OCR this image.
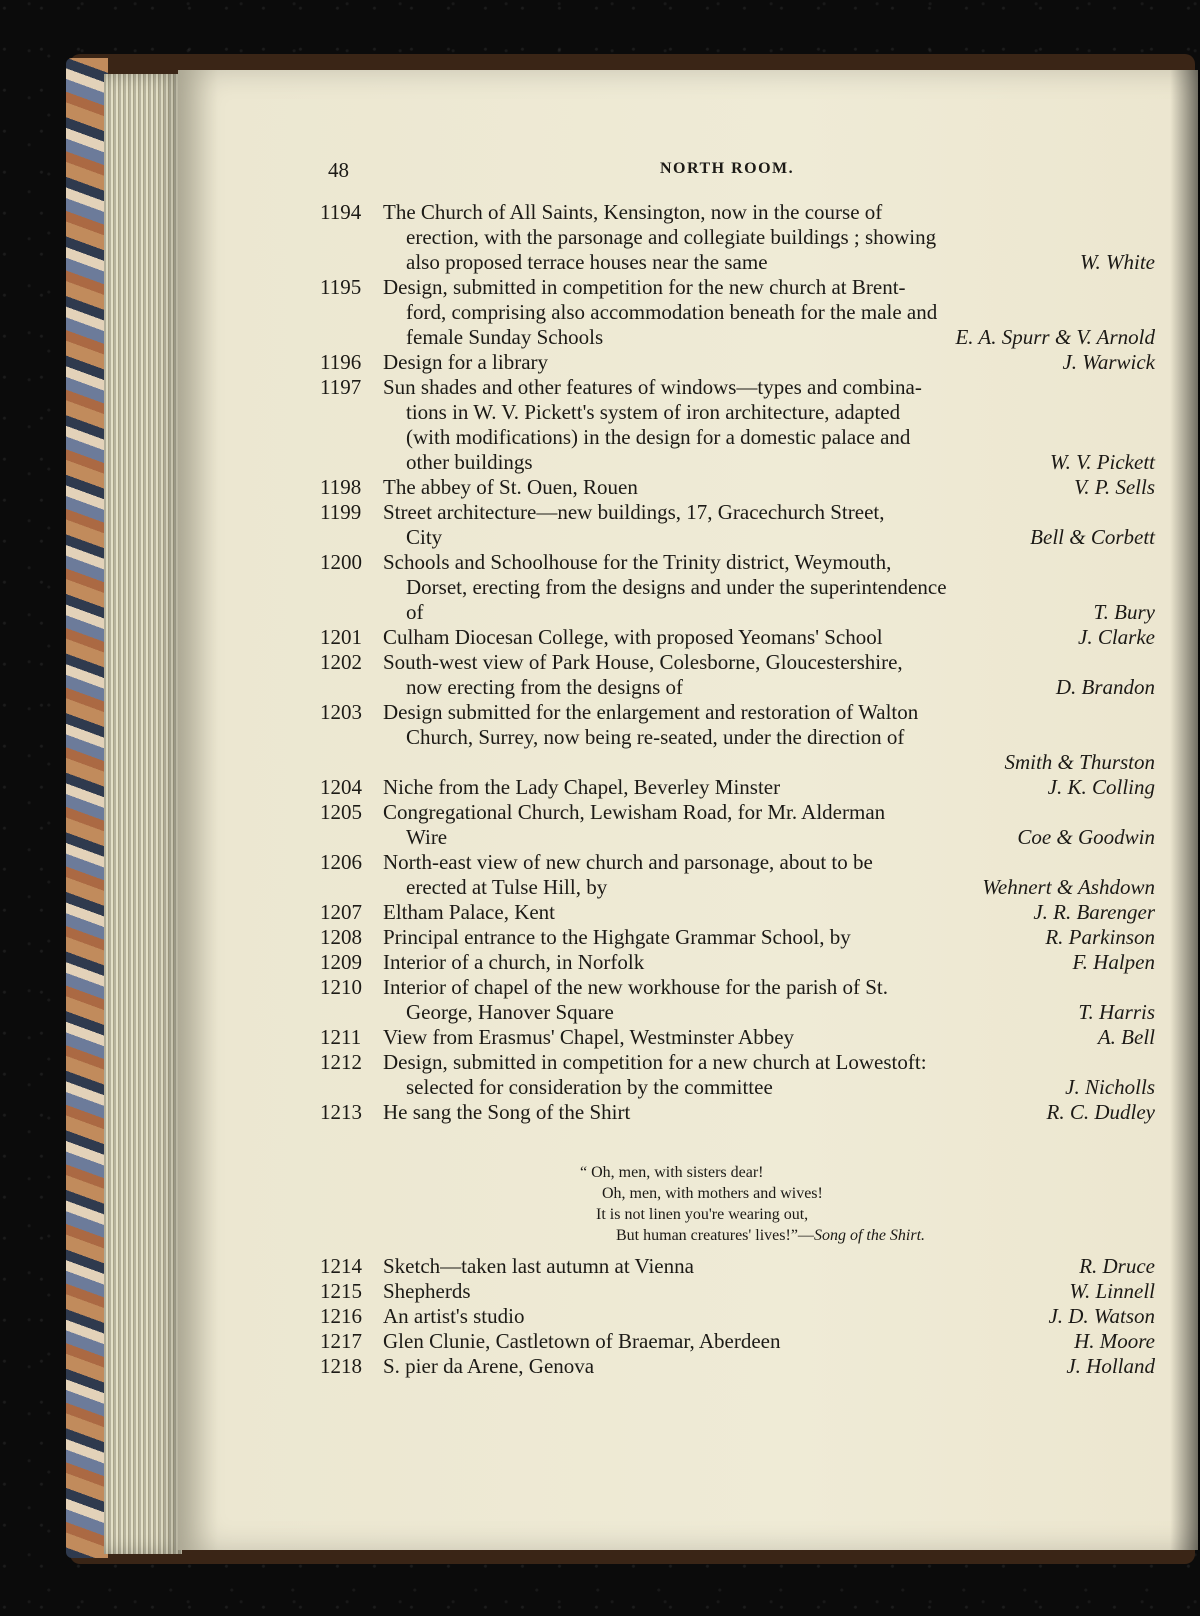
48	NORTH ROOM.
1194	The Church of All Saints, Kensington, now in the course of
erection, with the parsonage and collegiate buildings ; showing
also proposed terrace houses near the same	W. White
1195	Design, submitted in competition for the new church at Brent-
ford, comprising also accommodation beneath for the male and
female Sunday Schools	E. A. Spurr & V. Arnold
1196	Design for a library	J. Warwick
1197	Sun shades and other features of windows—types and combina-
tions in W. V. Pickett's system of iron architecture, adapted
(with modifications) in the design for a domestic palace and
other buildings	W. V. Pickett
1198	The abbey of St. Ouen, Rouen	V. P. Sells
1199	Street architecture—new buildings, 17, Gracechurch Street,
City	Bell & Corbett
1200	Schools and Schoolhouse for the Trinity district, Weymouth,
Dorset, erecting from the designs and under the superintendence
of	T. Bury
1201	Culham Diocesan College, with proposed Yeomans' School	J. Clarke
1202	South-west view of Park House, Colesborne, Gloucestershire,
now erecting from the designs of	D. Brandon
1203	Design submitted for the enlargement and restoration of Walton
Church, Surrey, now being re-seated, under the direction of
Smith & Thurston
1204	Niche from the Lady Chapel, Beverley Minster	J. K. Colling
1205	Congregational Church, Lewisham Road, for Mr. Alderman
Wire	Coe & Goodwin
1206	North-east view of new church and parsonage, about to be
erected at Tulse Hill, by	Wehnert & Ashdown
1207	Eltham Palace, Kent	J. R. Barenger
1208	Principal entrance to the Highgate Grammar School, by	R. Parkinson
1209	Interior of a church, in Norfolk	F. Halpen
1210	Interior of chapel of the new workhouse for the parish of St.
George, Hanover Square	T. Harris
1211	View from Erasmus' Chapel, Westminster Abbey	A. Bell
1212	Design, submitted in competition for a new church at Lowestoft:
selected for consideration by the committee	J. Nicholls
1213	He sang the Song of the Shirt	R. C. Dudley
“ Oh, men, with sisters dear!
Oh, men, with mothers and wives!
It is not linen you're wearing out,
But human creatures' lives!”—Song of the Shirt.
1214	Sketch—taken last autumn at Vienna	R. Druce
1215	Shepherds	W. Linnell
1216	An artist's studio	J. D. Watson
1217	Glen Clunie, Castletown of Braemar, Aberdeen	H. Moore
1218	S. pier da Arene, Genova	J. Holland
